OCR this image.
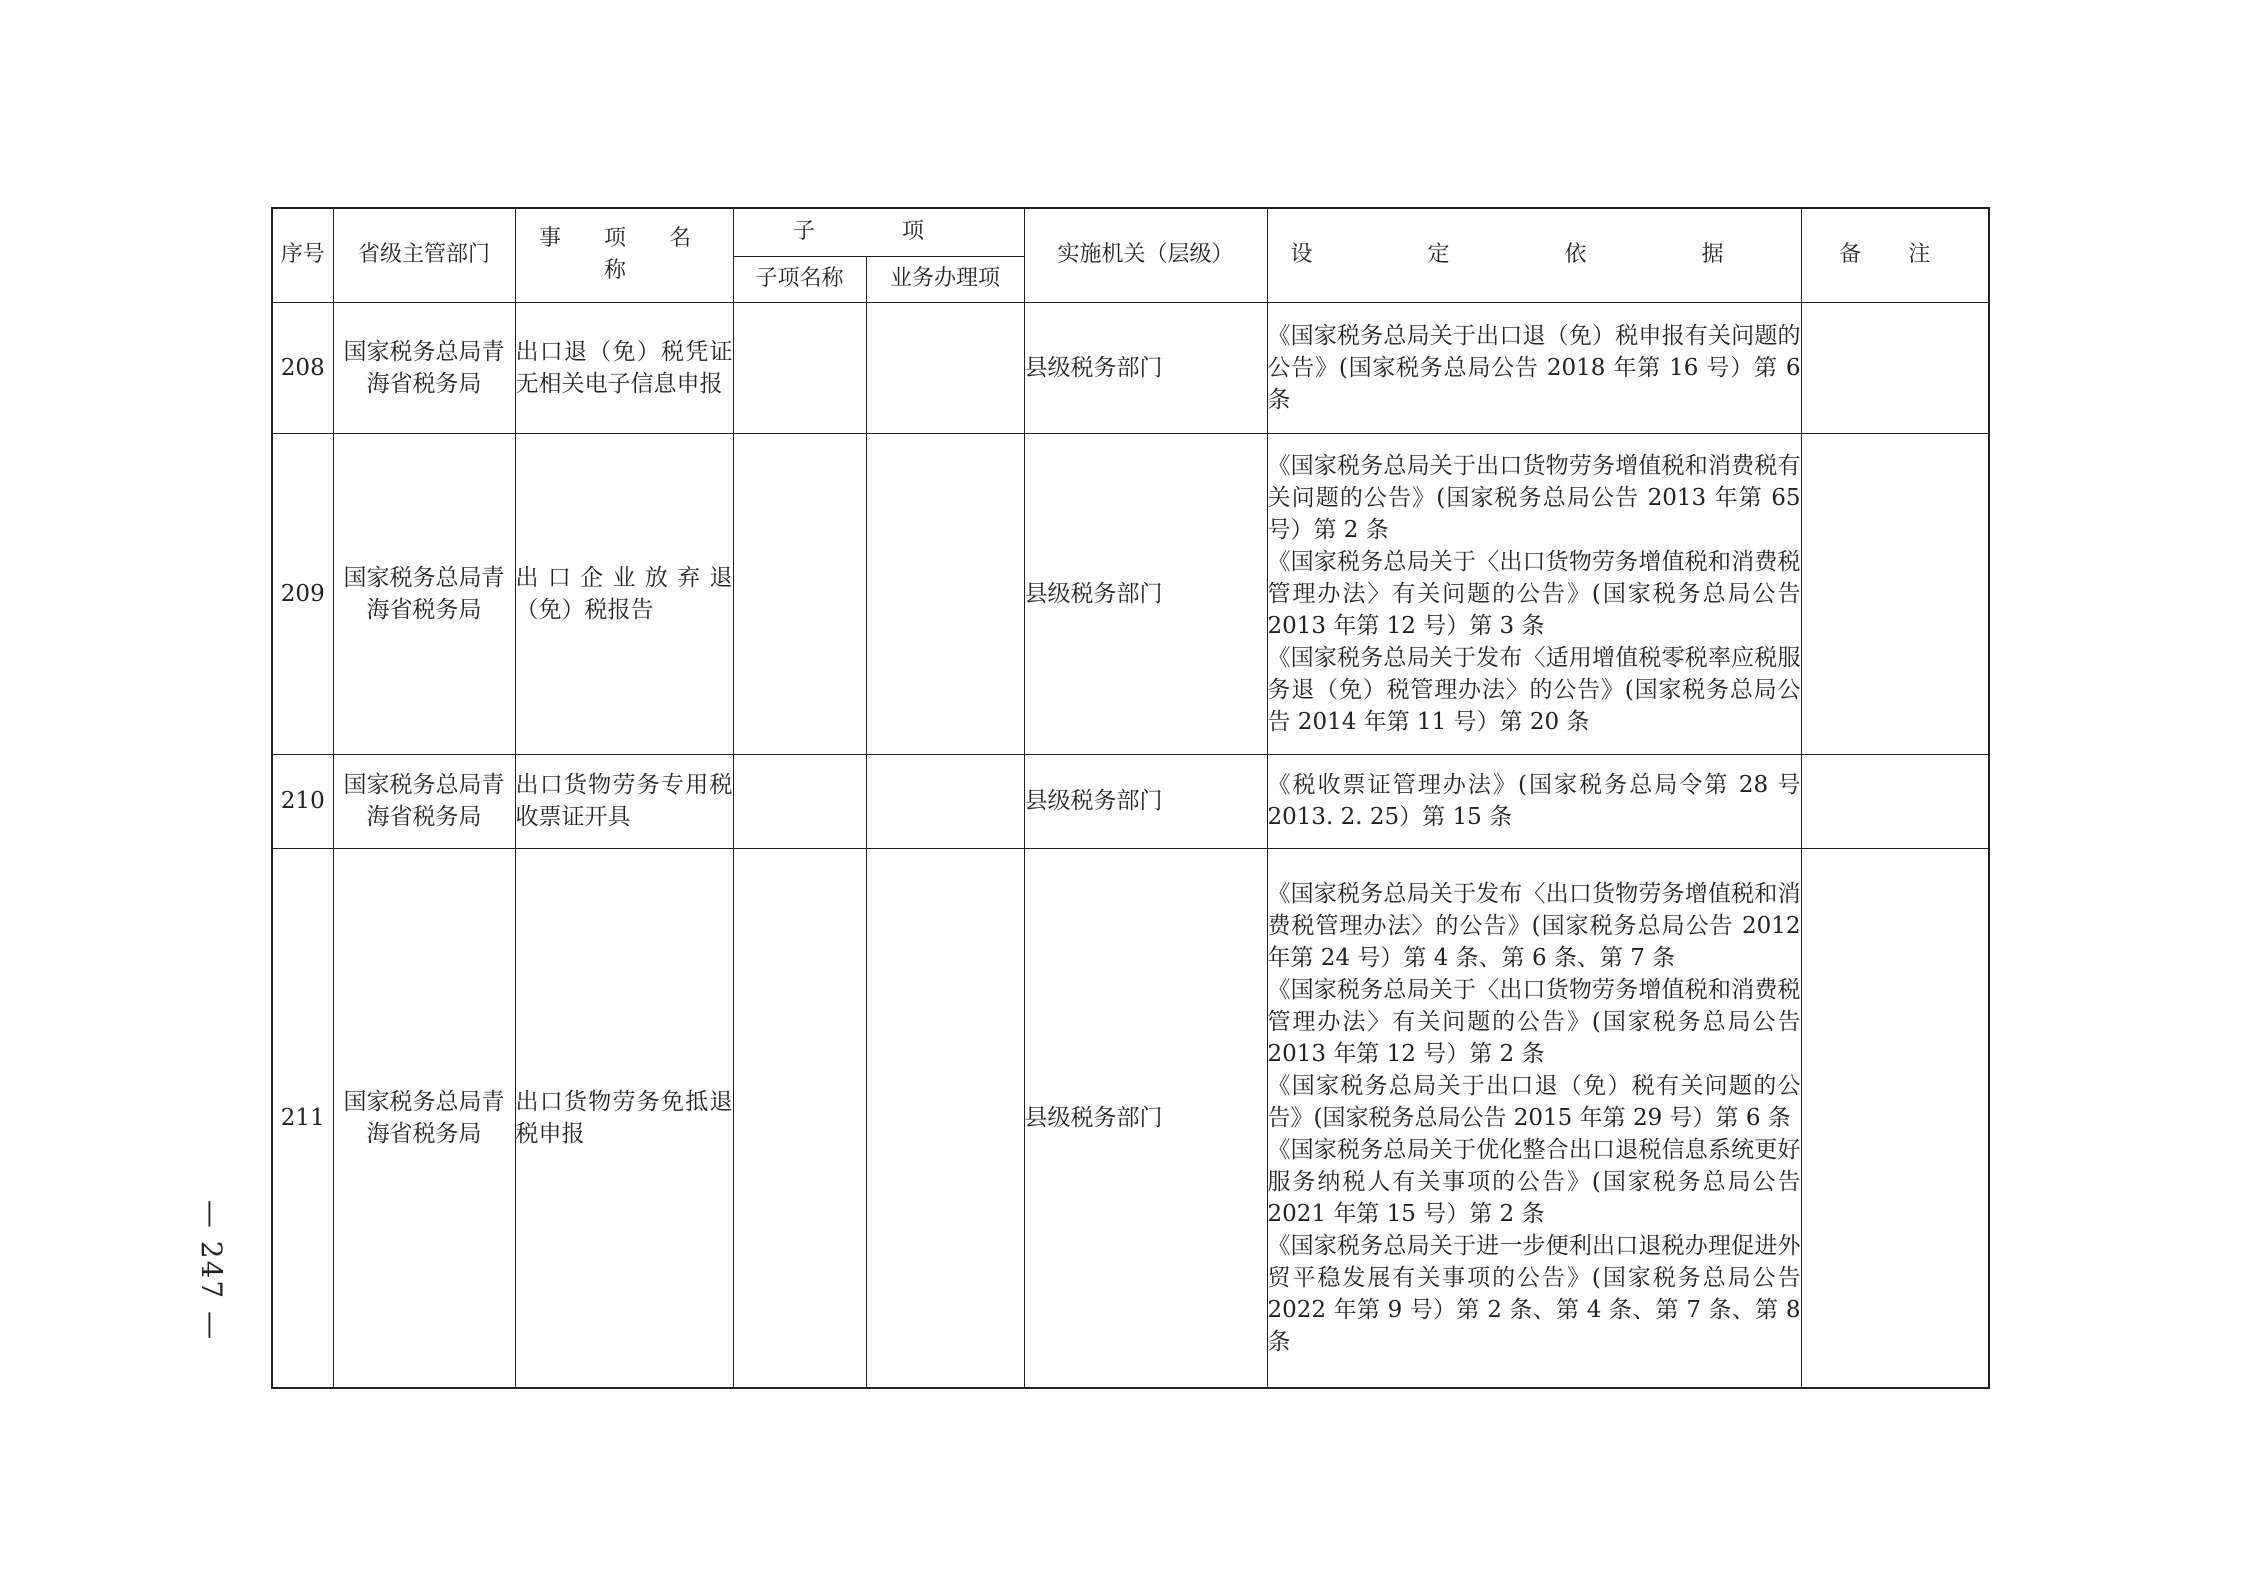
— 247 —
序号	省级主管部门	事 项 名 称	子 项		实施机关（层级）	设 定 依 据	备 注
			子项名称	业务办理项			
208	国家税务总局青海省税务局	出口退（免）税凭证无相关电子信息申报			县级税务部门	《国家税务总局关于出口退（免）税申报有关问题的公告》(国家税务总局公告 2018 年第 16 号）第 6 条	

209	国家税务总局青海省税务局	出口企业放弃退（免）税报告			县级税务部门	《国家税务总局关于出口货物劳务增值税和消费税有关问题的公告》(国家税务总局公告 2013 年第 65 号）第 2 条
《国家税务总局关于〈出口货物劳务增值税和消费税管理办法〉有关问题的公告》(国家税务总局公告 2013 年第 12 号）第 3 条
《国家税务总局关于发布〈适用增值税零税率应税服务退（免）税管理办法〉的公告》(国家税务总局公告 2014 年第 11 号）第 20 条	

210	国家税务总局青海省税务局	出口货物劳务专用税收票证开具			县级税务部门	《税收票证管理办法》(国家税务总局令第 28 号 2013. 2. 25）第 15 条	

211	国家税务总局青海省税务局	出口货物劳务免抵退税申报			县级税务部门	《国家税务总局关于发布〈出口货物劳务增值税和消费税管理办法〉的公告》(国家税务总局公告 2012 年第 24 号）第 4 条、第 6 条、第 7 条
《国家税务总局关于〈出口货物劳务增值税和消费税管理办法〉有关问题的公告》(国家税务总局公告 2013 年第 12 号）第 2 条
《国家税务总局关于出口退（免）税有关问题的公告》(国家税务总局公告 2015 年第 29 号）第 6 条
《国家税务总局关于优化整合出口退税信息系统更好服务纳税人有关事项的公告》(国家税务总局公告 2021 年第 15 号）第 2 条
《国家税务总局关于进一步便利出口退税办理促进外贸平稳发展有关事项的公告》(国家税务总局公告 2022 年第 9 号）第 2 条、第 4 条、第 7 条、第 8 条	
